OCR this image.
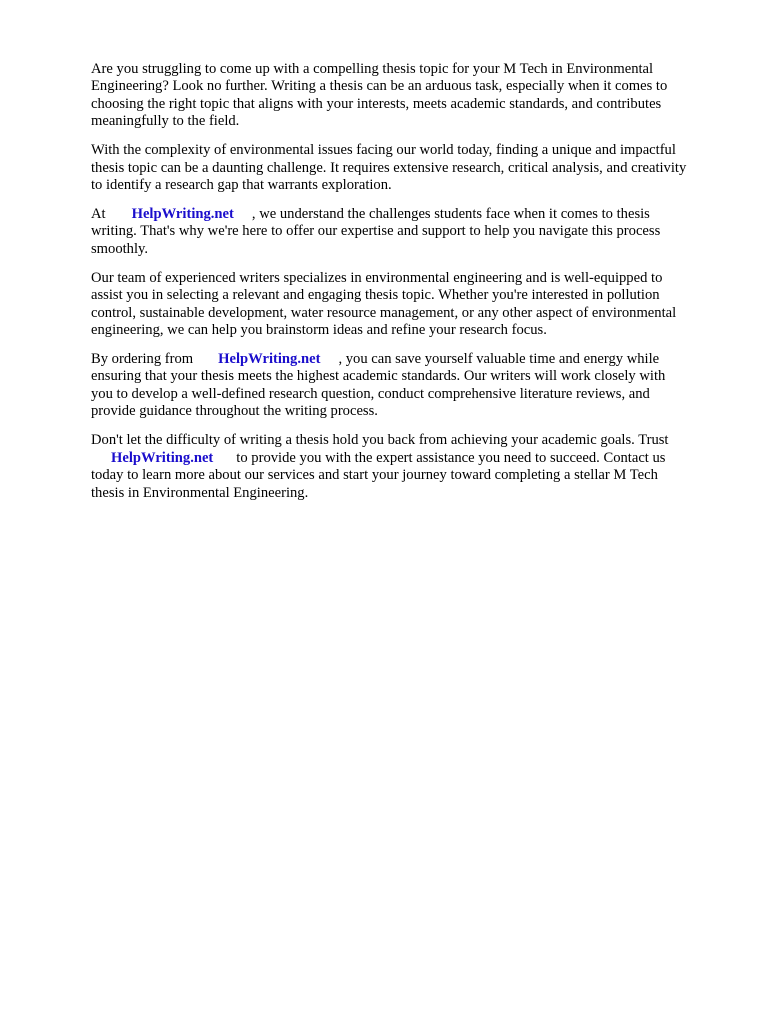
Are you struggling to come up with a compelling thesis topic for your M Tech in Environmental
Engineering? Look no further. Writing a thesis can be an arduous task, especially when it comes to
choosing the right topic that aligns with your interests, meets academic standards, and contributes
meaningfully to the field.

With the complexity of environmental issues facing our world today, finding a unique and impactful
thesis topic can be a daunting challenge. It requires extensive research, critical analysis, and creativity
to identify a research gap that warrants exploration.

At HelpWriting.net , we understand the challenges students face when it comes to thesis
writing. That's why we're here to offer our expertise and support to help you navigate this process
smoothly.

Our team of experienced writers specializes in environmental engineering and is well-equipped to
assist you in selecting a relevant and engaging thesis topic. Whether you're interested in pollution
control, sustainable development, water resource management, or any other aspect of environmental
engineering, we can help you brainstorm ideas and refine your research focus.

By ordering from HelpWriting.net , you can save yourself valuable time and energy while
ensuring that your thesis meets the highest academic standards. Our writers will work closely with
you to develop a well-defined research question, conduct comprehensive literature reviews, and
provide guidance throughout the writing process.

Don't let the difficulty of writing a thesis hold you back from achieving your academic goals. Trust
HelpWriting.net to provide you with the expert assistance you need to succeed. Contact us
today to learn more about our services and start your journey toward completing a stellar M Tech
thesis in Environmental Engineering.
